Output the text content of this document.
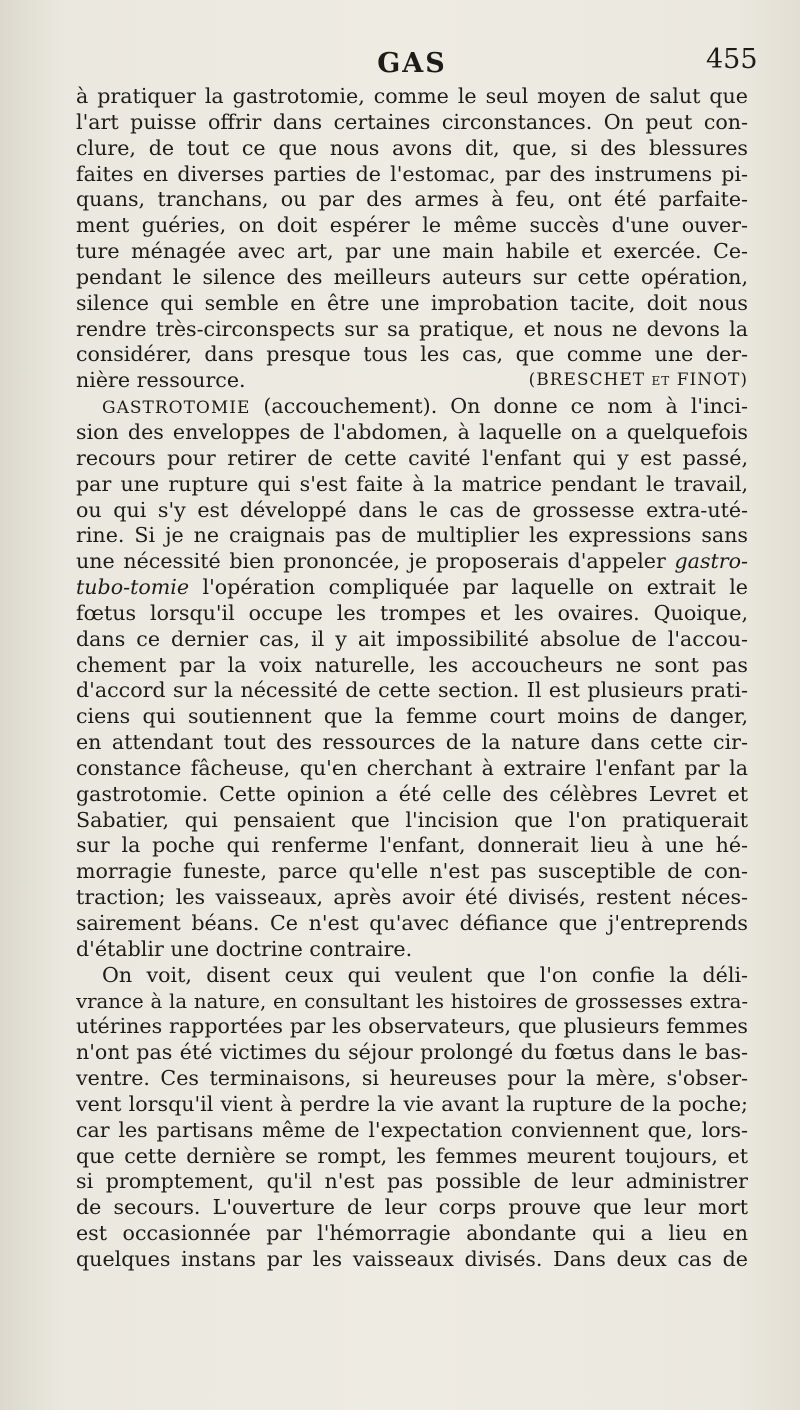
GAS	455
à pratiquer la gastrotomie, comme le seul moyen de salut que
l'art puisse offrir dans certaines circonstances. On peut con-
clure, de tout ce que nous avons dit, que, si des blessures
faites en diverses parties de l'estomac, par des instrumens pi-
quans, tranchans, ou par des armes à feu, ont été parfaite-
ment guéries, on doit espérer le même succès d'une ouver-
ture ménagée avec art, par une main habile et exercée. Ce-
pendant le silence des meilleurs auteurs sur cette opération,
silence qui semble en être une improbation tacite, doit nous
rendre très-circonspects sur sa pratique, et nous ne devons la
considérer, dans presque tous les cas, que comme une der-
nière ressource.	(BRESCHET et FINOT)
GASTROTOMIE (accouchement). On donne ce nom à l'inci-
sion des enveloppes de l'abdomen, à laquelle on a quelquefois
recours pour retirer de cette cavité l'enfant qui y est passé,
par une rupture qui s'est faite à la matrice pendant le travail,
ou qui s'y est développé dans le cas de grossesse extra-uté-
rine. Si je ne craignais pas de multiplier les expressions sans
une nécessité bien prononcée, je proposerais d'appeler gastro-
tubo-tomie l'opération compliquée par laquelle on extrait le
fœtus lorsqu'il occupe les trompes et les ovaires. Quoique,
dans ce dernier cas, il y ait impossibilité absolue de l'accou-
chement par la voix naturelle, les accoucheurs ne sont pas
d'accord sur la nécessité de cette section. Il est plusieurs prati-
ciens qui soutiennent que la femme court moins de danger,
en attendant tout des ressources de la nature dans cette cir-
constance fâcheuse, qu'en cherchant à extraire l'enfant par la
gastrotomie. Cette opinion a été celle des célèbres Levret et
Sabatier, qui pensaient que l'incision que l'on pratiquerait
sur la poche qui renferme l'enfant, donnerait lieu à une hé-
morragie funeste, parce qu'elle n'est pas susceptible de con-
traction; les vaisseaux, après avoir été divisés, restent néces-
sairement béans. Ce n'est qu'avec défiance que j'entreprends
d'établir une doctrine contraire.
On voit, disent ceux qui veulent que l'on confie la déli-
vrance à la nature, en consultant les histoires de grossesses extra-
utérines rapportées par les observateurs, que plusieurs femmes
n'ont pas été victimes du séjour prolongé du fœtus dans le bas-
ventre. Ces terminaisons, si heureuses pour la mère, s'obser-
vent lorsqu'il vient à perdre la vie avant la rupture de la poche;
car les partisans même de l'expectation conviennent que, lors-
que cette dernière se rompt, les femmes meurent toujours, et
si promptement, qu'il n'est pas possible de leur administrer
de secours. L'ouverture de leur corps prouve que leur mort
est occasionnée par l'hémorragie abondante qui a lieu en
quelques instans par les vaisseaux divisés. Dans deux cas de
